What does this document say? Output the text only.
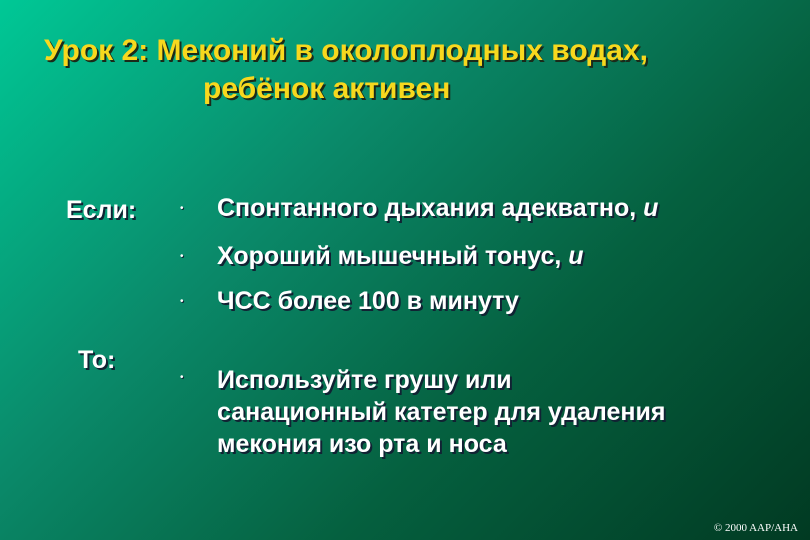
Урок 2: Меконий в околоплодных водах,
ребёнок активен
Если:	• Спонтанного дыхания адекватно, и
• Хороший мышечный тонус, и
• ЧСС более 100 в минуту
То:
• Используйте грушу или
санационный катетер для удаления
мекония изо рта и носа
© 2000 AAP/AHA
